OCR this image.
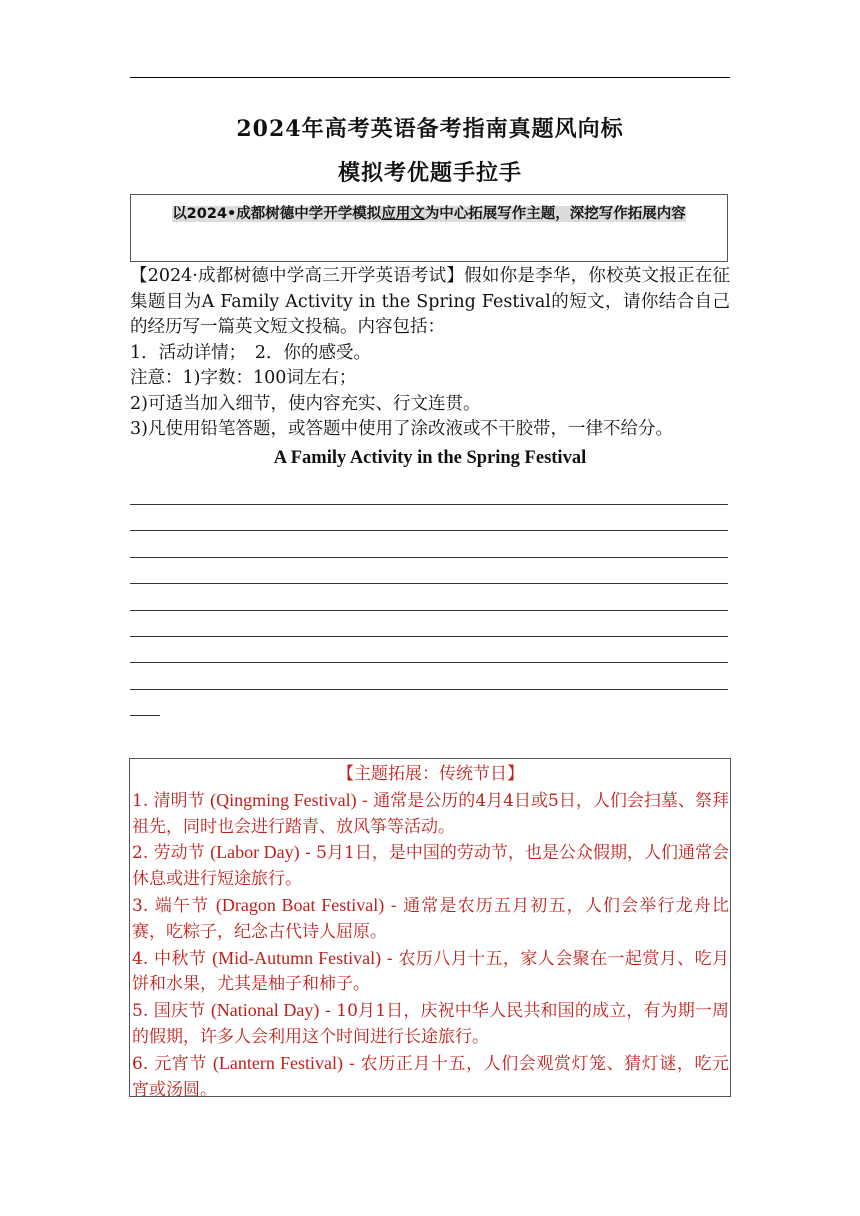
2024年高考英语备考指南真题风向标
模拟考优题手拉手
以2024•成都树德中学开学模拟应用文为中心拓展写作主题，深挖写作拓展内容

【2024·成都树德中学高三开学英语考试】假如你是李华，你校英文报正在征集题目为A Family Activity in the Spring Festival的短文，请你结合自己的经历写一篇英文短文投稿。内容包括：

1．活动详情；　2．你的感受。

注意：1)字数：100词左右；

2)可适当加入细节，使内容充实、行文连贯。

3)凡使用铅笔答题，或答题中使用了涂改液或不干胶带，一律不给分。

A Family Activity in the Spring Festival
【主题拓展：传统节日】

1. 清明节 (Qingming Festival) - 通常是公历的4月4日或5日，人们会扫墓、祭拜祖先，同时也会进行踏青、放风筝等活动。

2. 劳动节 (Labor Day) - 5月1日，是中国的劳动节，也是公众假期，人们通常会休息或进行短途旅行。

3. 端午节 (Dragon Boat Festival) - 通常是农历五月初五，人们会举行龙舟比赛，吃粽子，纪念古代诗人屈原。

4. 中秋节 (Mid-Autumn Festival) - 农历八月十五，家人会聚在一起赏月、吃月饼和水果，尤其是柚子和柿子。

5. 国庆节 (National Day) - 10月1日，庆祝中华人民共和国的成立，有为期一周的假期，许多人会利用这个时间进行长途旅行。

6. 元宵节 (Lantern Festival) - 农历正月十五，人们会观赏灯笼、猜灯谜，吃元宵或汤圆。
